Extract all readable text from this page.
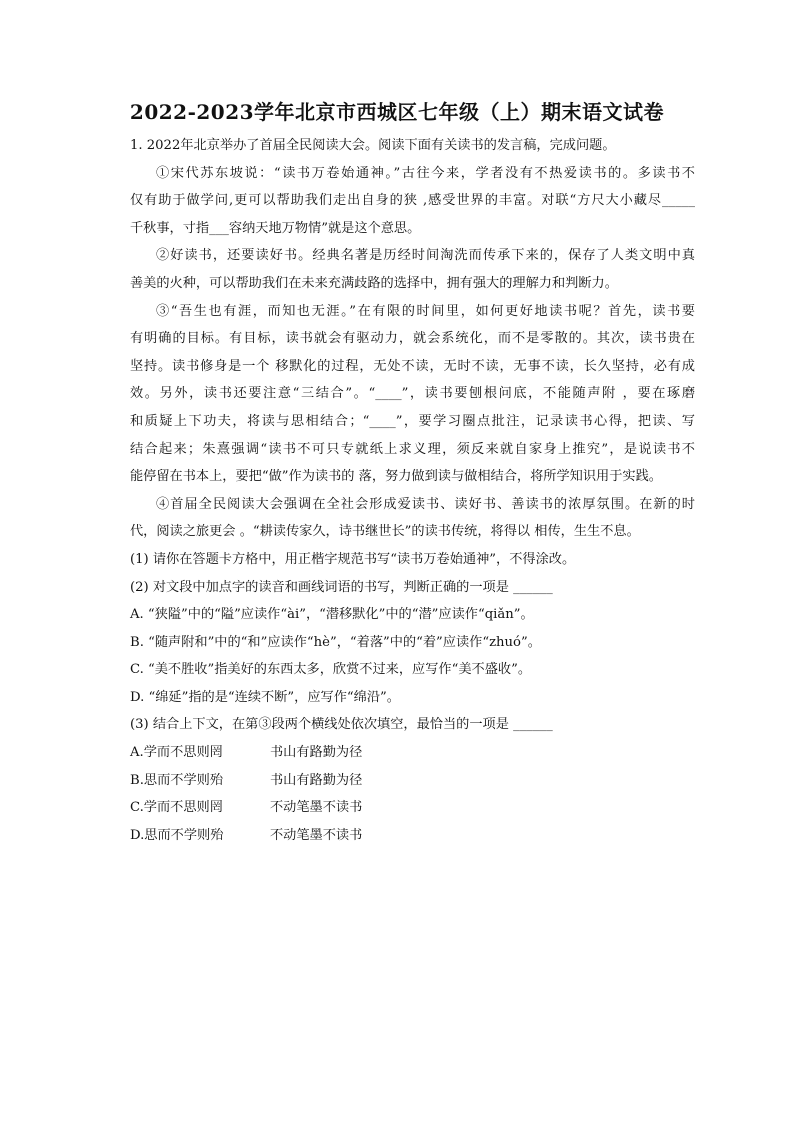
2022-2023学年北京市西城区七年级（上）期末语文试卷

1. 2022年北京举办了首届全民阅读大会。阅读下面有关读书的发言稿，完成问题。

①宋代苏东坡说：“读书万卷始通神。”古往今来，学者没有不热爱读书的。多读书不

仅有助于做学问,更可以帮助我们走出自身的狭 ,感受世界的丰富。对联“方尺大小藏尽_____

千秋事，寸指___容纳天地万物情”就是这个意思。

②好读书，还要读好书。经典名著是历经时间淘洗而传承下来的，保存了人类文明中真

善美的火种，可以帮助我们在未来充满歧路的选择中，拥有强大的理解力和判断力。

③“吾生也有涯，而知也无涯。”在有限的时间里，如何更好地读书呢？首先，读书要

有明确的目标。有目标，读书就会有驱动力，就会系统化，而不是零散的。其次，读书贵在

坚持。读书修身是一个 移默化的过程，无处不读，无时不读，无事不读，长久坚持，必有成

效。另外，读书还要注意“三结合”。“____”，读书要刨根问底，不能随声附 ，要在琢磨

和质疑上下功夫，将读与思相结合；“____”，要学习圈点批注，记录读书心得，把读、写

结合起来；朱熹强调“读书不可只专就纸上求义理，须反来就自家身上推究”，是说读书不

能停留在书本上，要把“做”作为读书的 落，努力做到读与做相结合，将所学知识用于实践。

④首届全民阅读大会强调在全社会形成爱读书、读好书、善读书的浓厚氛围。在新的时

代，阅读之旅更会 。“耕读传家久，诗书继世长”的读书传统，将得以 相传，生生不息。

(1) 请你在答题卡方格中，用正楷字规范书写“读书万卷始通神”，不得涂改。

(2) 对文段中加点字的读音和画线词语的书写，判断正确的一项是 ______

A. “狭隘”中的“隘”应读作“ài”，“潜移默化”中的“潜”应读作“qiǎn”。

B. “随声附和”中的“和”应读作“hè”，“着落”中的“着”应读作“zhuó”。

C. “美不胜收”指美好的东西太多，欣赏不过来，应写作“美不盛收”。

D. “绵延”指的是“连续不断”，应写作“绵沿”。

(3) 结合上下文，在第③段两个横线处依次填空，最恰当的一项是 ______

A.学而不思则罔	书山有路勤为径
B.思而不学则殆	书山有路勤为径
C.学而不思则罔	不动笔墨不读书
D.思而不学则殆	不动笔墨不读书
